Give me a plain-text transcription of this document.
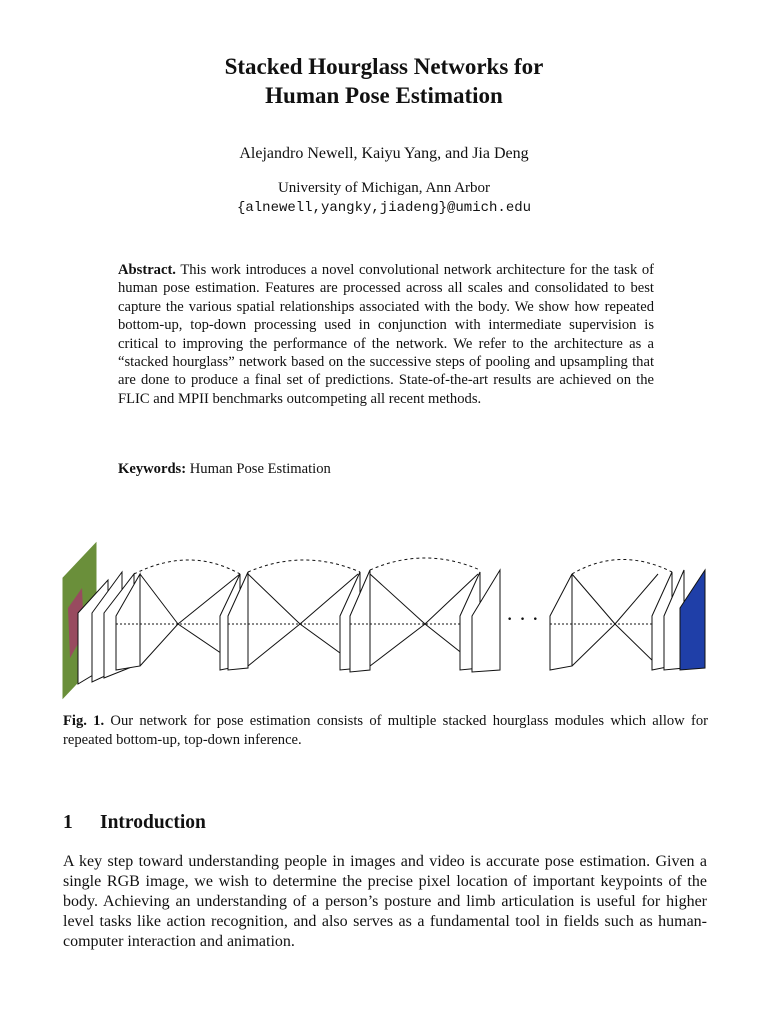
Stacked Hourglass Networks for
Human Pose Estimation
Alejandro Newell, Kaiyu Yang, and Jia Deng
University of Michigan, Ann Arbor
{alnewell,yangky,jiadeng}@umich.edu
Abstract. This work introduces a novel convolutional network architecture for the task of human pose estimation. Features are processed across all scales and consolidated to best capture the various spatial relationships associated with the body. We show how repeated bottom-up, top-down processing used in conjunction with intermediate supervision is critical to improving the performance of the network. We refer to the architecture as a “stacked hourglass” network based on the successive steps of pooling and upsampling that are done to produce a final set of predictions. State-of-the-art results are achieved on the FLIC and MPII benchmarks outcompeting all recent methods.
Keywords: Human Pose Estimation
· · ·
Fig. 1. Our network for pose estimation consists of multiple stacked hourglass modules which allow for repeated bottom-up, top-down inference.
1 Introduction
A key step toward understanding people in images and video is accurate pose estimation. Given a single RGB image, we wish to determine the precise pixel location of important keypoints of the body. Achieving an understanding of a person’s posture and limb articulation is useful for higher level tasks like action recognition, and also serves as a fundamental tool in fields such as human-computer interaction and animation.
